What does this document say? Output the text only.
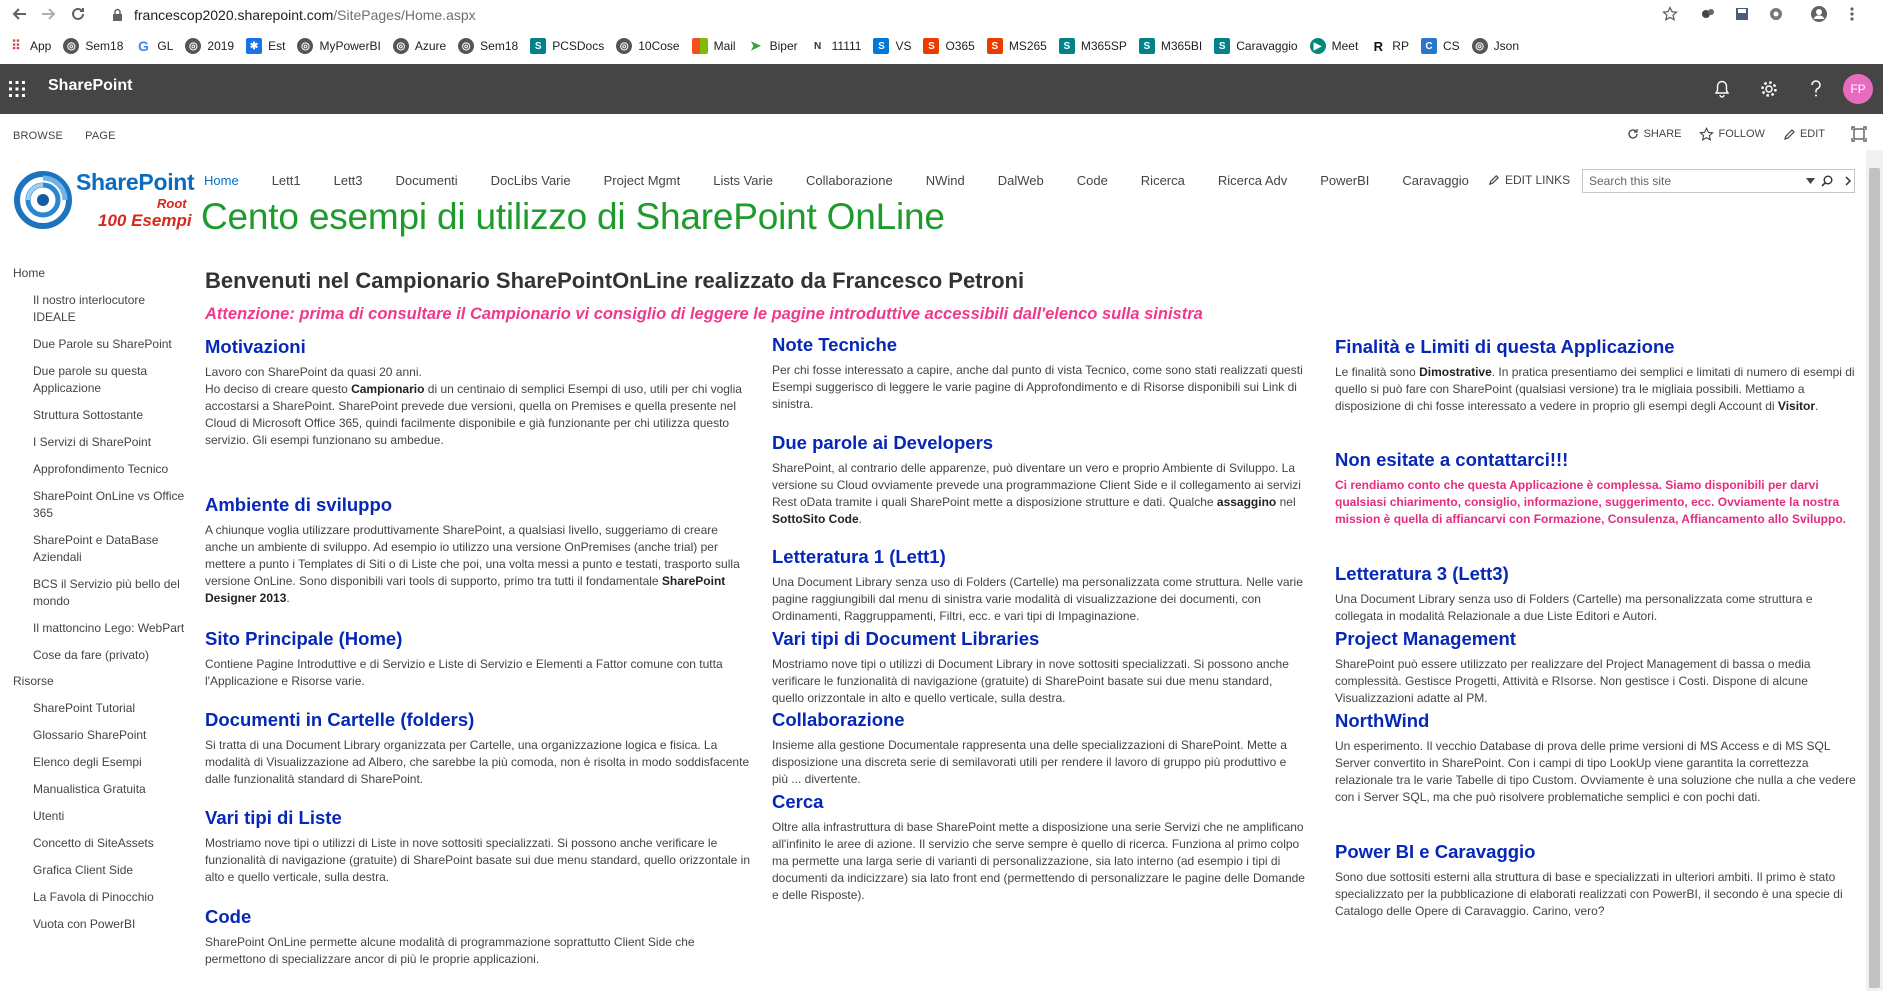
francescop2020.sharepoint.com/SitePages/Home.aspx
⠿ App	◎ Sem18 G GL	◎ 2019	✱ Est	◎ MyPowerBI	◎ Azure	◎ Sem18	S PCSDocs	◎ 10Cose	Mail ➤ Biper	N 11111	S VS	S O365	S MS265	S M365SP	S M365BI	S Caravaggio	▶ Meet R RP	C CS	◎ Json
SharePoint	FP
BROWSE PAGE	SHARE	FOLLOW	EDIT
SharePoint
Root
100 Esempi
Home	Lett1	Lett3	Documenti	DocLibs Varie	Project Mgmt	Lists Varie	Collaborazione	NWind	DalWeb	Code	Ricerca	Ricerca Adv	PowerBI	Caravaggio	EDIT LINKS	Search this site
Cento esempi di utilizzo di SharePoint OnLine
Home
Il nostro interlocutore IDEALE
Due Parole su SharePoint
Due parole su questa Applicazione
Struttura Sottostante
I Servizi di SharePoint
Approfondimento Tecnico
SharePoint OnLine vs Office 365
SharePoint e DataBase Aziendali
BCS il Servizio più bello del mondo
Il mattoncino Lego: WebPart
Cose da fare (privato)
Risorse
SharePoint Tutorial
Glossario SharePoint
Elenco degli Esempi
Manualistica Gratuita
Utenti
Concetto di SiteAssets
Grafica Client Side
La Favola di Pinocchio
Vuota con PowerBI
Benvenuti nel Campionario SharePointOnLine realizzato da Francesco Petroni
Attenzione: prima di consultare il Campionario vi consiglio di leggere le pagine introduttive accessibili dall'elenco sulla sinistra
Motivazioni

Lavoro con SharePoint da quasi 20 anni.
Ho deciso di creare questo Campionario di un centinaio di semplici Esempi di uso, utili per chi voglia accostarsi a SharePoint. SharePoint prevede due versioni, quella on Premises e quella presente nel Cloud di Microsoft Office 365, quindi facilmente disponibile e già funzionante per chi utilizza questo servizio. Gli esempi funzionano su ambedue.

Ambiente di sviluppo

A chiunque voglia utilizzare produttivamente SharePoint, a qualsiasi livello, suggeriamo di creare anche un ambiente di sviluppo. Ad esempio io utilizzo una versione OnPremises (anche trial) per mettere a punto i Templates di Siti o di Liste che poi, una volta messi a punto e testati, trasporto sulla versione OnLine. Sono disponibili vari tools di supporto, primo tra tutti il fondamentale SharePoint Designer 2013.

Sito Principale (Home)

Contiene Pagine Introduttive e di Servizio e Liste di Servizio e Elementi a Fattor comune con tutta l'Applicazione e Risorse varie.

Documenti in Cartelle (folders)

Si tratta di una Document Library organizzata per Cartelle, una organizzazione logica e fisica. La modalità di Visualizzazione ad Albero, che sarebbe la più comoda, non è risolta in modo soddisfacente dalle funzionalità standard di SharePoint.

Vari tipi di Liste

Mostriamo nove tipi o utilizzi di Liste in nove sottositi specializzati. Si possono anche verificare le funzionalità di navigazione (gratuite) di SharePoint basate sui due menu standard, quello orizzontale in alto e quello verticale, sulla destra.

Code

SharePoint OnLine permette alcune modalità di programmazione soprattutto Client Side che permettono di specializzare ancor di più le proprie applicazioni.

Note Tecniche

Per chi fosse interessato a capire, anche dal punto di vista Tecnico, come sono stati realizzati questi Esempi suggerisco di leggere le varie pagine di Approfondimento e di Risorse disponibili sui Link di sinistra.

Due parole ai Developers

SharePoint, al contrario delle apparenze, può diventare un vero e proprio Ambiente di Sviluppo. La versione su Cloud ovviamente prevede una programmazione Client Side e il collegamento ai servizi Rest oData tramite i quali SharePoint mette a disposizione strutture e dati. Qualche assaggino nel SottoSito Code.

Letteratura 1 (Lett1)

Una Document Library senza uso di Folders (Cartelle) ma personalizzata come struttura. Nelle varie pagine raggiungibili dal menu di sinistra varie modalità di visualizzazione dei documenti, con Ordinamenti, Raggruppamenti, Filtri, ecc. e vari tipi di Impaginazione.

Vari tipi di Document Libraries

Mostriamo nove tipi o utilizzi di Document Library in nove sottositi specializzati. Si possono anche verificare le funzionalità di navigazione (gratuite) di SharePoint basate sui due menu standard, quello orizzontale in alto e quello verticale, sulla destra.

Collaborazione

Insieme alla gestione Documentale rappresenta una delle specializzazioni di SharePoint. Mette a disposizione una discreta serie di semilavorati utili per rendere il lavoro di gruppo più produttivo e più ... divertente.

Cerca

Oltre alla infrastruttura di base SharePoint mette a disposizione una serie Servizi che ne amplificano all'infinito le aree di azione. Il servizio che serve sempre è quello di ricerca. Funziona al primo colpo ma permette una larga serie di varianti di personalizzazione, sia lato interno (ad esempio i tipi di documenti da indicizzare) sia lato front end (permettendo di personalizzare le pagine delle Domande e delle Risposte).

Finalità e Limiti di questa Applicazione

Le finalità sono Dimostrative. In pratica presentiamo dei semplici e limitati di numero di esempi di quello si può fare con SharePoint (qualsiasi versione) tra le migliaia possibili. Mettiamo a disposizione di chi fosse interessato a vedere in proprio gli esempi degli Account di Visitor.

Non esitate a contattarci!!!

Ci rendiamo conto che questa Applicazione è complessa. Siamo disponibili per darvi qualsiasi chiarimento, consiglio, informazione, suggerimento, ecc. Ovviamente la nostra mission è quella di affiancarvi con Formazione, Consulenza, Affiancamento allo Sviluppo.

Letteratura 3 (Lett3)

Una Document Library senza uso di Folders (Cartelle) ma personalizzata come struttura e collegata in modalità Relazionale a due Liste Editori e Autori.

Project Management

SharePoint può essere utilizzato per realizzare del Project Management di bassa o media complessità. Gestisce Progetti, Attività e RIsorse. Non gestisce i Costi. Dispone di alcune Visualizzazioni adatte al PM.

NorthWind

Un esperimento. Il vecchio Database di prova delle prime versioni di MS Access e di MS SQL Server convertito in SharePoint. Con i campi di tipo LookUp viene garantita la correttezza relazionale tra le varie Tabelle di tipo Custom. Ovviamente è una soluzione che nulla a che vedere con i Server SQL, ma che può risolvere problematiche semplici e con pochi dati.

Power BI e Caravaggio

Sono due sottositi esterni alla struttura di base e specializzati in ulteriori ambiti. Il primo è stato specializzato per la pubblicazione di elaborati realizzati con PowerBI, il secondo è una specie di Catalogo delle Opere di Caravaggio. Carino, vero?
